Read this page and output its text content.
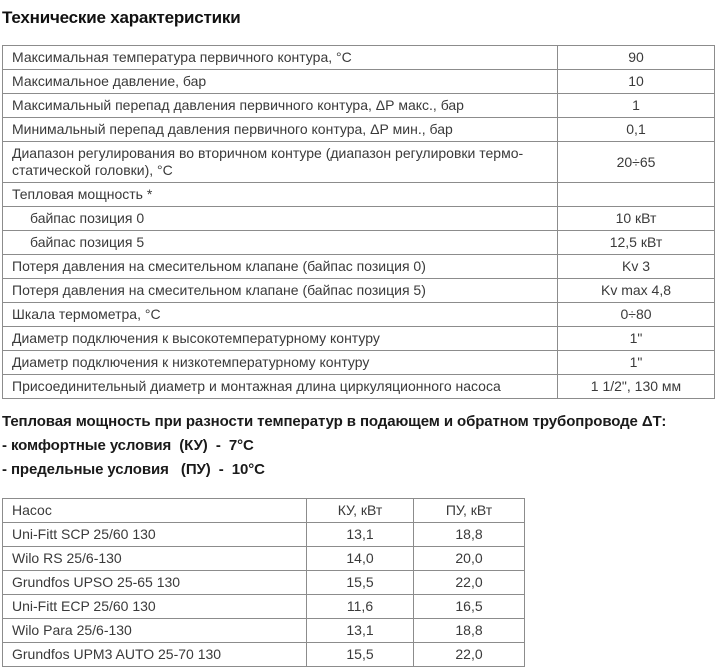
Технические характеристики
Максимальная температура первичного контура, °С	90
Максимальное давление, бар	10
Максимальный перепад давления первичного контура, ΔР макс., бар	1
Минимальный перепад давления первичного контура, ΔР мин., бар	0,1
Диапазон регулирования во вторичном контуре (диапазон регулировки термо-статической головки), °С	20÷65
Тепловая мощность *	
байпас позиция 0	10 кВт
байпас позиция 5	12,5 кВт
Потеря давления на смесительном клапане (байпас позиция 0)	Kv 3
Потеря давления на смесительном клапане (байпас позиция 5)	Kv max 4,8
Шкала термометра, °С	0÷80
Диаметр подключения к высокотемпературному контуру	1"
Диаметр подключения к низкотемпературному контуру	1"
Присоединительный диаметр и монтажная длина циркуляционного насоса	1 1/2", 130 мм
Тепловая мощность при разности температур в подающем и обратном трубопроводе ΔТ:
- комфортные условия  (КУ)  -  7°С
- предельные условия   (ПУ)  -  10°С
Насос	КУ, кВт	ПУ, кВт
Uni-Fitt SCP 25/60 130	13,1	18,8
Wilo RS 25/6-130	14,0	20,0
Grundfos UPSO 25-65 130	15,5	22,0
Uni-Fitt ECP 25/60 130	11,6	16,5
Wilo Para 25/6-130	13,1	18,8
Grundfos UPM3 AUTO 25-70 130	15,5	22,0
